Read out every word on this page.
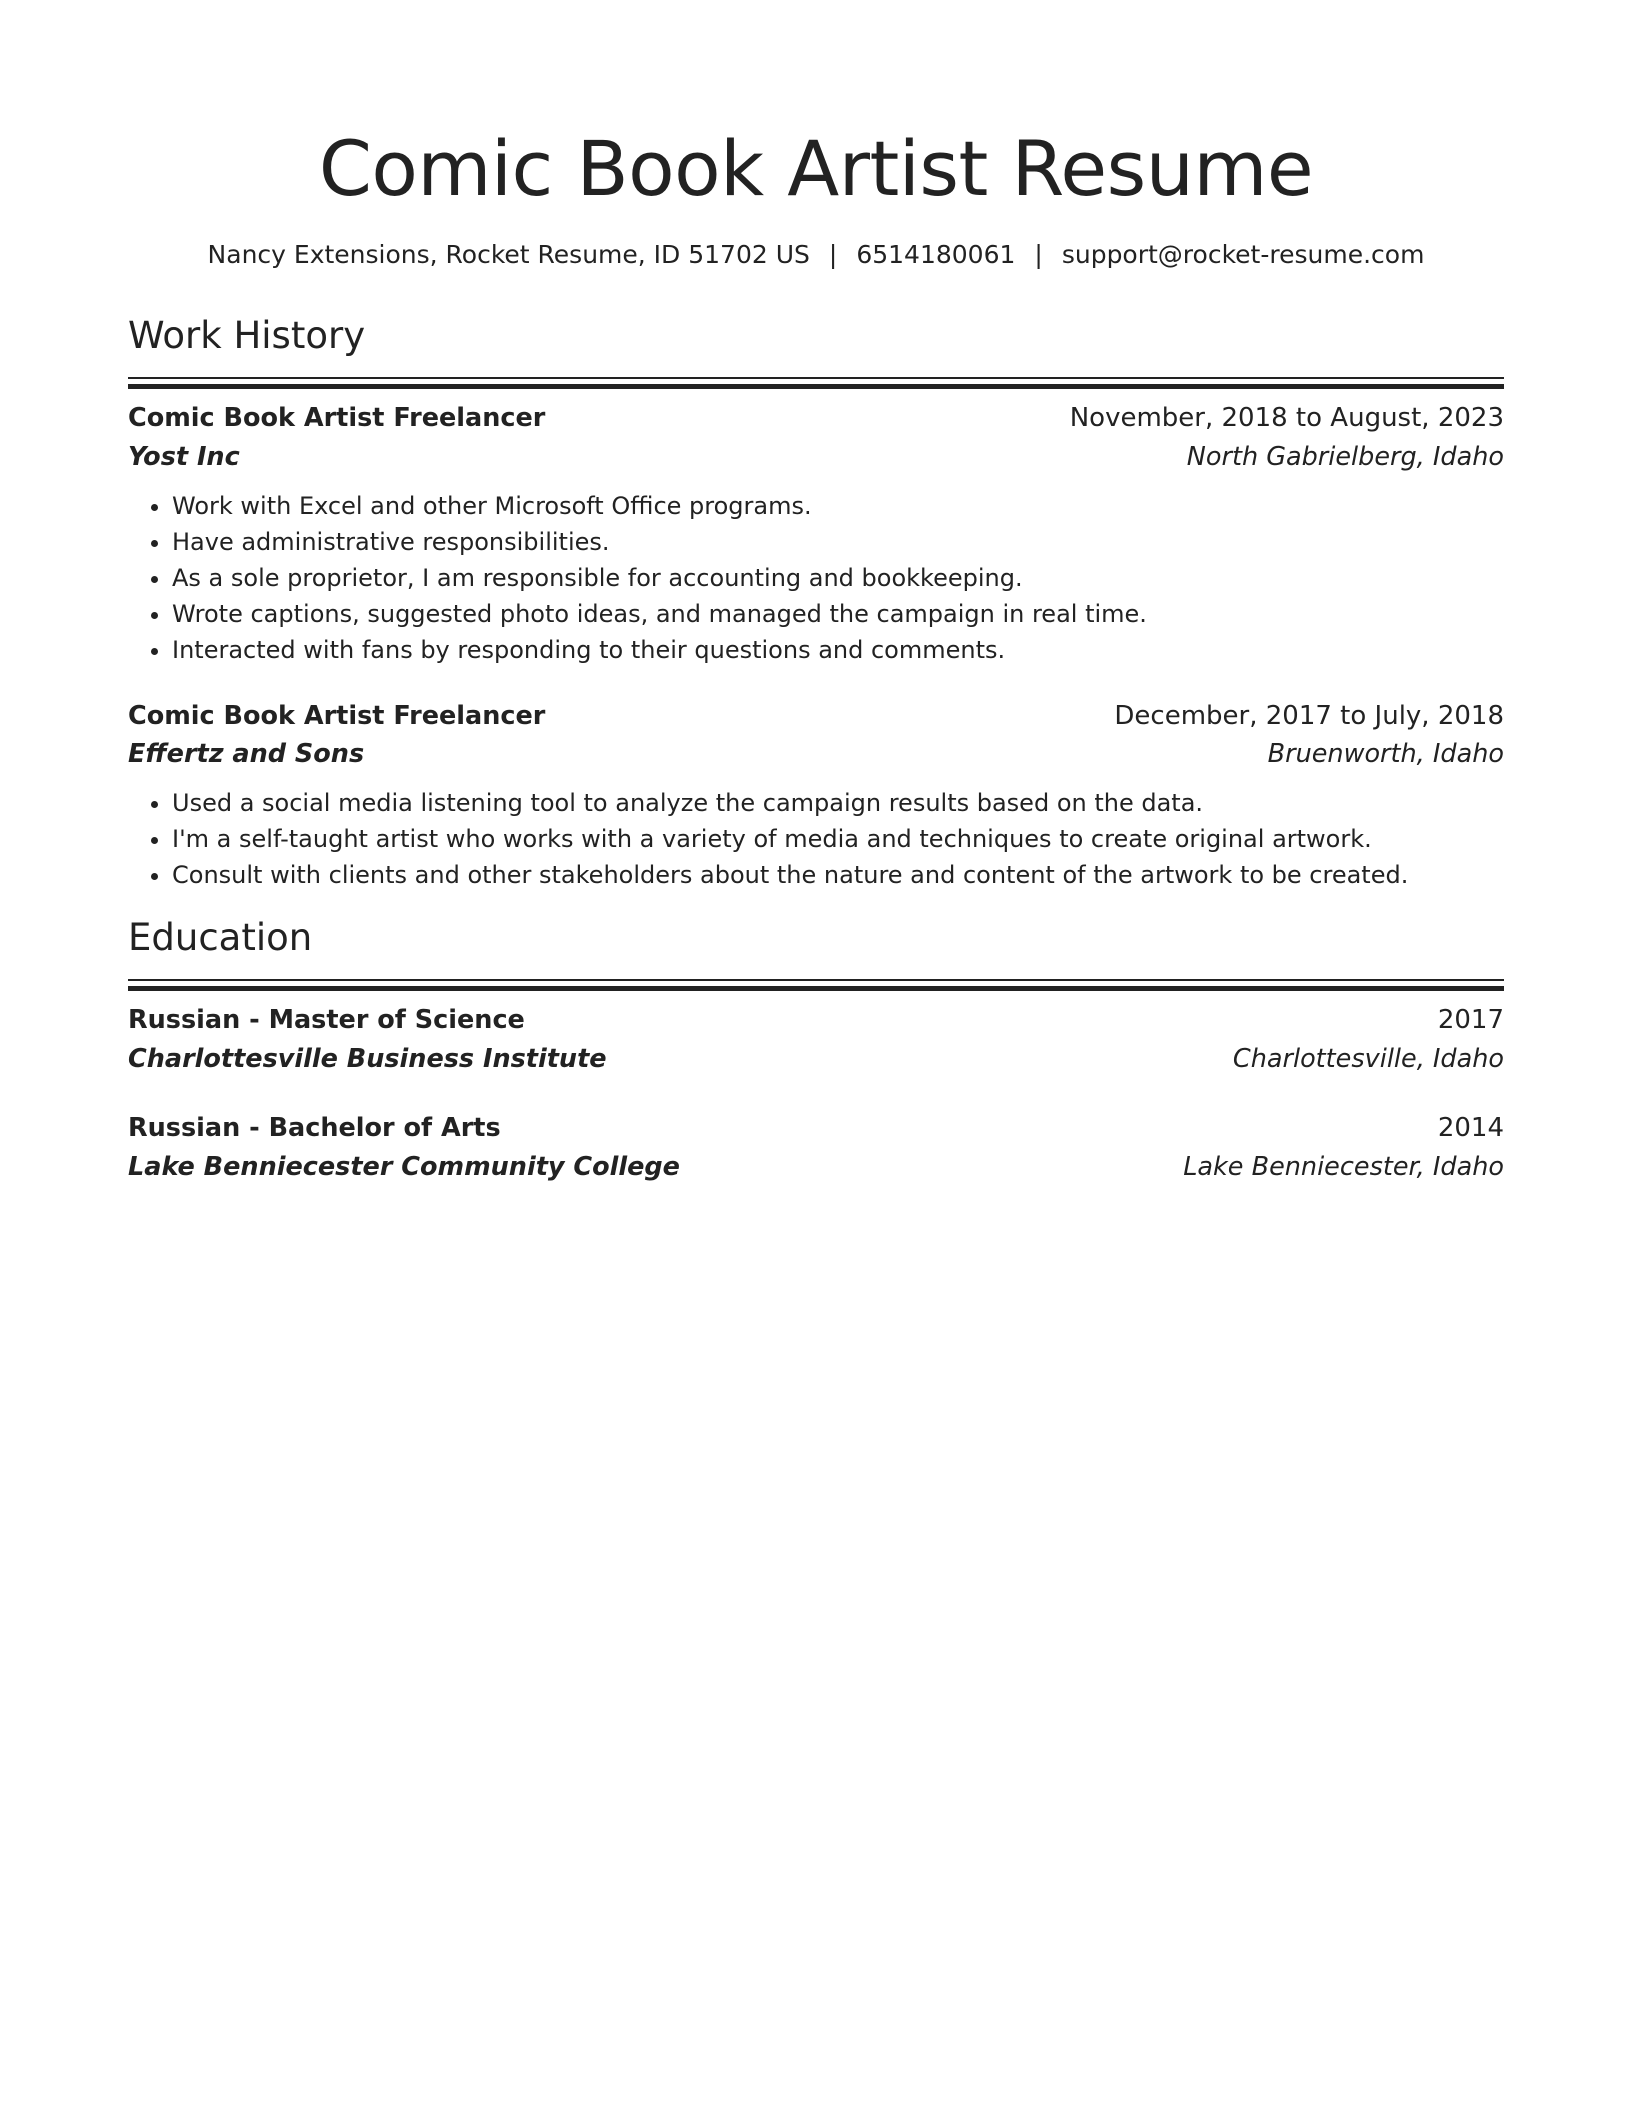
Comic Book Artist Resume
Nancy Extensions, Rocket Resume, ID 51702 US | 6514180061 | support@rocket-resume.com
Work History
Comic Book Artist Freelancer	November, 2018 to August, 2023
Yost Inc	North Gabrielberg, Idaho
• Work with Excel and other Microsoft Office programs.
• Have administrative responsibilities.
• As a sole proprietor, I am responsible for accounting and bookkeeping.
• Wrote captions, suggested photo ideas, and managed the campaign in real time.
• Interacted with fans by responding to their questions and comments.
Comic Book Artist Freelancer	December, 2017 to July, 2018
Effertz and Sons	Bruenworth, Idaho
• Used a social media listening tool to analyze the campaign results based on the data.
• I'm a self-taught artist who works with a variety of media and techniques to create original artwork.
• Consult with clients and other stakeholders about the nature and content of the artwork to be created.
Education
Russian - Master of Science	2017
Charlottesville Business Institute	Charlottesville, Idaho
Russian - Bachelor of Arts	2014
Lake Benniecester Community College	Lake Benniecester, Idaho
